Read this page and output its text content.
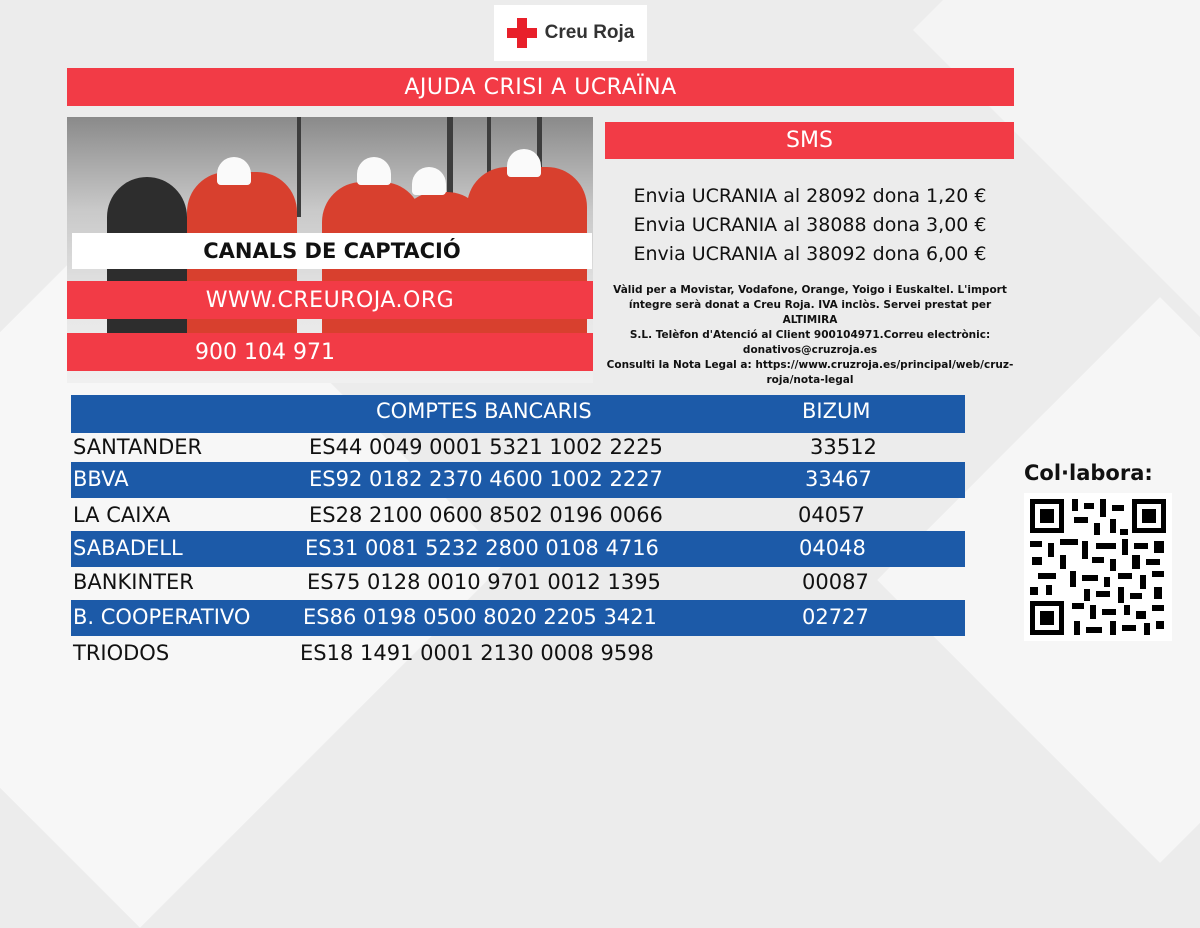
Creu Roja
AJUDA CRISI A UCRAÏNA
CANALS DE CAPTACIÓ
WWW.CREUROJA.ORG
900 104 971
SMS
Envia UCRANIA al 28092 dona 1,20 €
Envia UCRANIA al 38088 dona 3,00 €
Envia UCRANIA al 38092 dona 6,00 €
Vàlid per a Movistar, Vodafone, Orange, Yoigo i Euskaltel. L'import
íntegre serà donat a Creu Roja. IVA inclòs. Servei prestat per ALTIMIRA
S.L. Telèfon d'Atenció al Client 900104971.Correu electrònic:
donativos@cruzroja.es
Consulti la Nota Legal a: https://www.cruzroja.es/principal/web/cruz-
roja/nota-legal
COMPTES BANCARIS	BIZUM
SANTANDER	ES44 0049 0001 5321 1002 2225	33512
BBVA	ES92 0182 2370 4600 1002 2227	33467
LA CAIXA	ES28 2100 0600 8502 0196 0066	04057
SABADELL	ES31 0081 5232 2800 0108 4716	04048
BANKINTER	ES75 0128 0010 9701 0012 1395	00087
B. COOPERATIVO	ES86 0198 0500 8020 2205 3421	02727
TRIODOS	ES18 1491 0001 2130 0008 9598
Col·labora:
